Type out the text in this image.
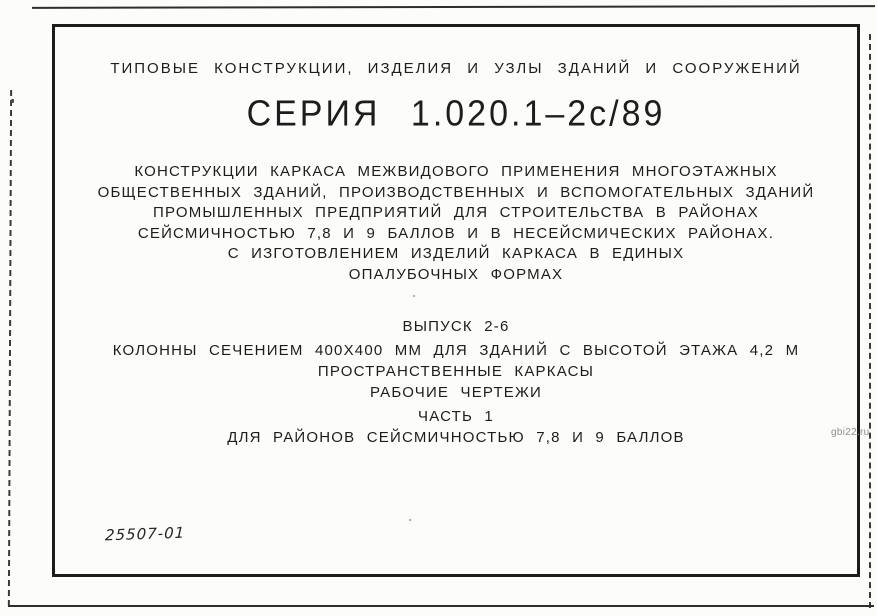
ТИПОВЫЕ КОНСТРУКЦИИ, ИЗДЕЛИЯ И УЗЛЫ ЗДАНИЙ И СООРУЖЕНИЙ
СЕРИЯ 1.020.1–2с/89
КОНСТРУКЦИИ КАРКАСА МЕЖВИДОВОГО ПРИМЕНЕНИЯ МНОГОЭТАЖНЫХ
ОБЩЕСТВЕННЫХ ЗДАНИЙ, ПРОИЗВОДСТВЕННЫХ И ВСПОМОГАТЕЛЬНЫХ ЗДАНИЙ
ПРОМЫШЛЕННЫХ ПРЕДПРИЯТИЙ ДЛЯ СТРОИТЕЛЬСТВА В РАЙОНАХ
СЕЙСМИЧНОСТЬЮ 7,8 И 9 БАЛЛОВ И В НЕСЕЙСМИЧЕСКИХ РАЙОНАХ.
С ИЗГОТОВЛЕНИЕМ ИЗДЕЛИЙ КАРКАСА В ЕДИНЫХ
ОПАЛУБОЧНЫХ ФОРМАХ
ВЫПУСК 2-6
КОЛОННЫ СЕЧЕНИЕМ 400Х400 ММ ДЛЯ ЗДАНИЙ С ВЫСОТОЙ ЭТАЖА 4,2 М
ПРОСТРАНСТВЕННЫЕ КАРКАСЫ
РАБОЧИЕ ЧЕРТЕЖИ
ЧАСТЬ 1
ДЛЯ РАЙОНОВ СЕЙСМИЧНОСТЬЮ 7,8 И 9 БАЛЛОВ
25507-01
gbi22.ru
